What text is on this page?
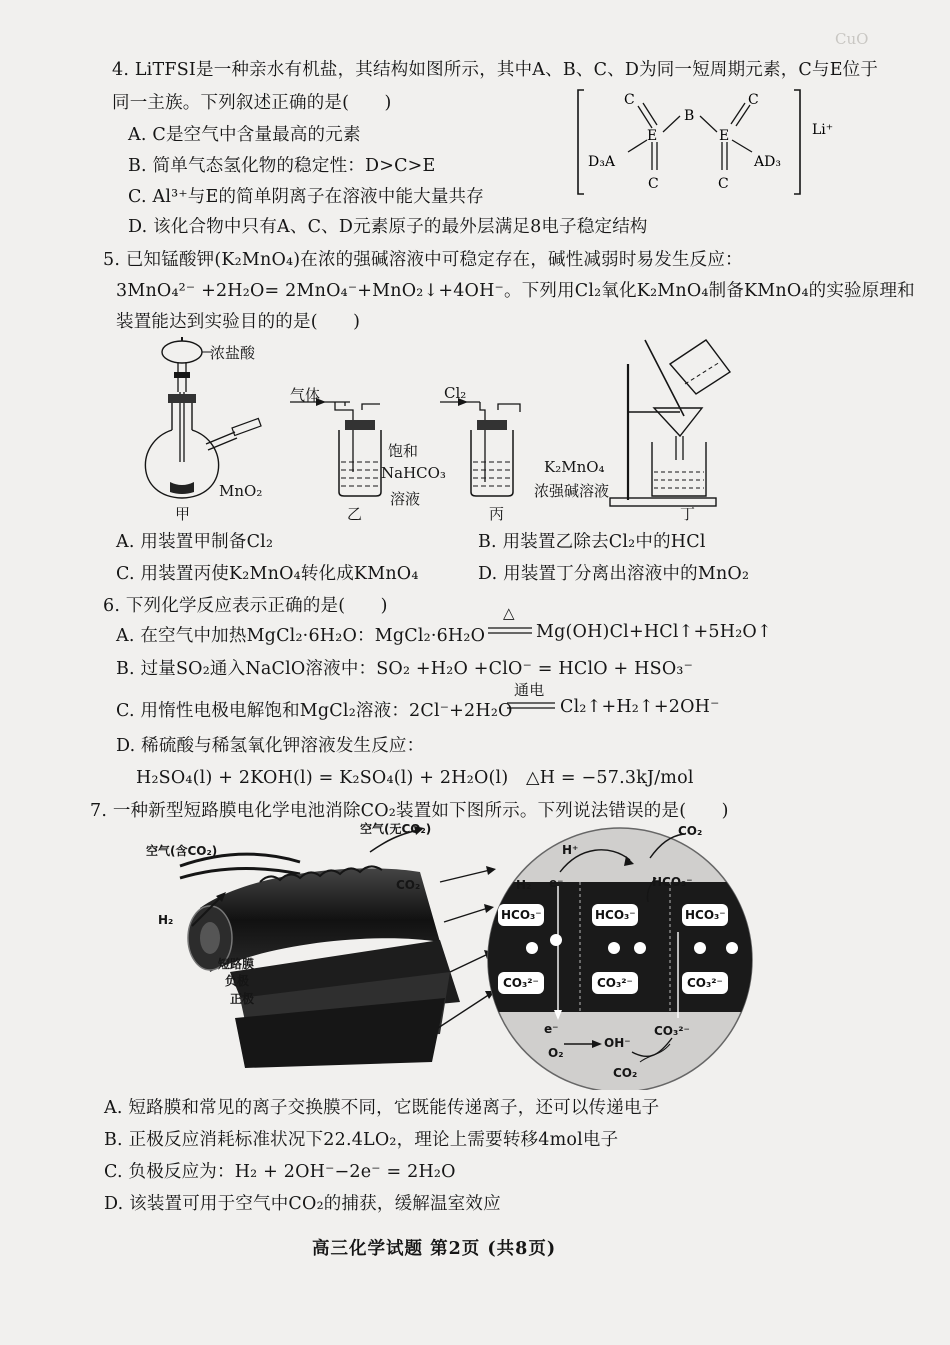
CuO
4. LiTFSI是一种亲水有机盐，其结构如图所示，其中A、B、C、D为同一短周期元素，C与E位于
同一主族。下列叙述正确的是(　　)
A. C是空气中含量最高的元素
B. 简单气态氢化物的稳定性：D>C>E
C. Al³⁺与E的简单阴离子在溶液中能大量共存
D. 该化合物中只有A、C、D元素原子的最外层满足8电子稳定结构
C
E
C
D₃A
B
C
E
C
AD₃
Li⁺
5. 已知锰酸钾(K₂MnO₄)在浓的强碱溶液中可稳定存在，碱性减弱时易发生反应：
3MnO₄²⁻ +2H₂O= 2MnO₄⁻+MnO₂↓+4OH⁻。下列用Cl₂氧化K₂MnO₄制备KMnO₄的实验原理和
装置能达到实验目的的是(　　)
浓盐酸
MnO₂
甲
气体
饱和
NaHCO₃
溶液
乙
Cl₂
K₂MnO₄
浓强碱溶液
丙	丁
A. 用装置甲制备Cl₂	B. 用装置乙除去Cl₂中的HCl
C. 用装置丙使K₂MnO₄转化成KMnO₄	D. 用装置丁分离出溶液中的MnO₂
6. 下列化学反应表示正确的是(　　)
A. 在空气中加热MgCl₂·6H₂O：MgCl₂·6H₂O
△
Mg(OH)Cl+HCl↑+5H₂O↑
B. 过量SO₂通入NaClO溶液中：SO₂ +H₂O +ClO⁻ = HClO + HSO₃⁻
C. 用惰性电极电解饱和MgCl₂溶液：2Cl⁻+2H₂O
通电
Cl₂↑+H₂↑+2OH⁻
D. 稀硫酸与稀氢氧化钾溶液发生反应：
H₂SO₄(l) + 2KOH(l) = K₂SO₄(l) + 2H₂O(l)　△H = −57.3kJ/mol
7. 一种新型短路膜电化学电池消除CO₂装置如下图所示。下列说法错误的是(　　)
空气(含CO₂)
空气(无CO₂)
CO₂
H₂
短路膜
负极
正极
H⁺
CO₂
H₂ e⁻	HCO₃⁻
HCO₃⁻	HCO₃⁻	HCO₃⁻
CO₃²⁻	CO₃²⁻	CO₃²⁻
e⁻
O₂
OH⁻
CO₃²⁻
CO₂
A. 短路膜和常见的离子交换膜不同，它既能传递离子，还可以传递电子
B. 正极反应消耗标准状况下22.4LO₂，理论上需要转移4mol电子
C. 负极反应为：H₂ + 2OH⁻−2e⁻ = 2H₂O
D. 该装置可用于空气中CO₂的捕获，缓解温室效应
高三化学试题 第2页 (共8页)
